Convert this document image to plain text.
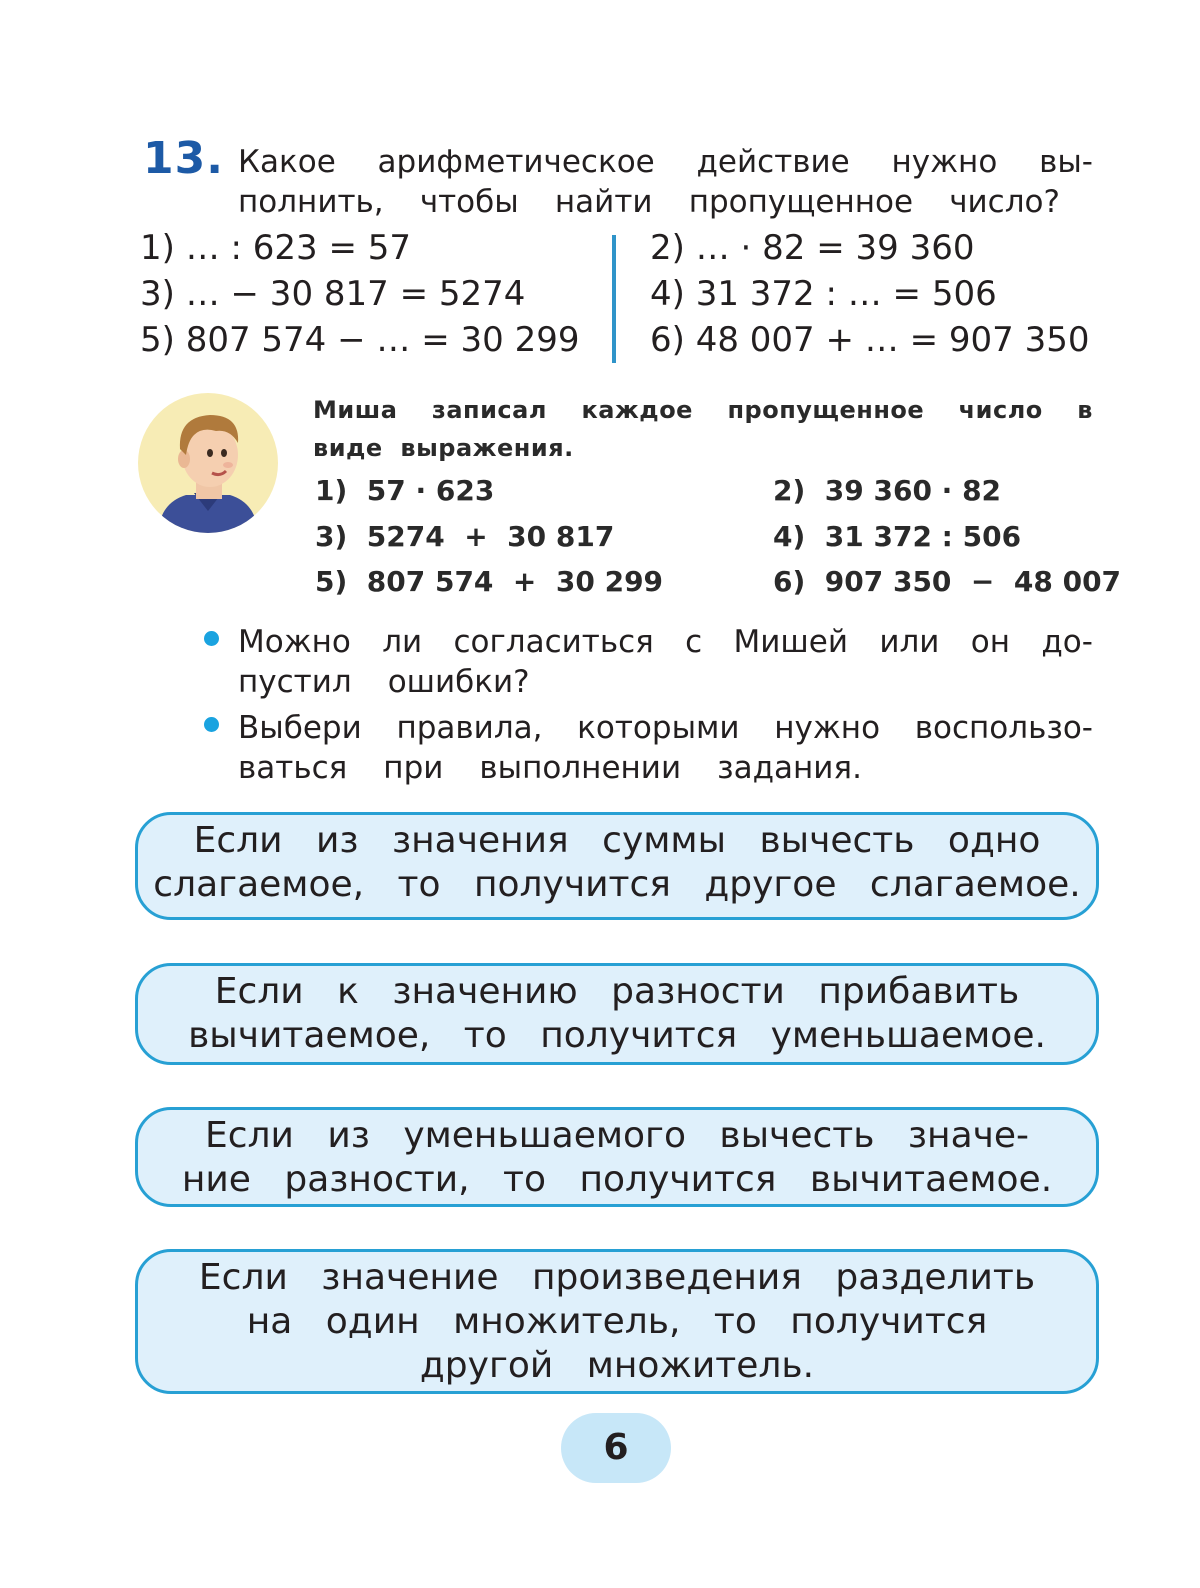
13. Какое арифметическое действие нужно вы-
полнить, чтобы найти пропущенное число?
1) … : 623 = 57	2) … · 82 = 39 360
3) … − 30 817 = 5274	4) 31 372 : … = 506
5) 807 574 − … = 30 299 6) 48 007 + … = 907 350
Миша записал каждое пропущенное число в
виде  выражения.
1)  57 · 623	2)  39 360 · 82
3)  5274  +  30 817	4)  31 372 : 506
5)  807 574  +  30 299	6)  907 350  −  48 007
Можно ли согласиться с Мишей или он до-
пустил ошибки?
Выбери правила, которыми нужно воспользо-
ваться при выполнении задания.
Если из значения суммы вычесть одно
слагаемое, то получится другое слагаемое.
Если к значению разности прибавить
вычитаемое, то получится уменьшаемое.
Если из уменьшаемого вычесть значе-
ние разности, то получится вычитаемое.
Если значение произведения разделить
на один множитель, то получится
другой множитель.
6
